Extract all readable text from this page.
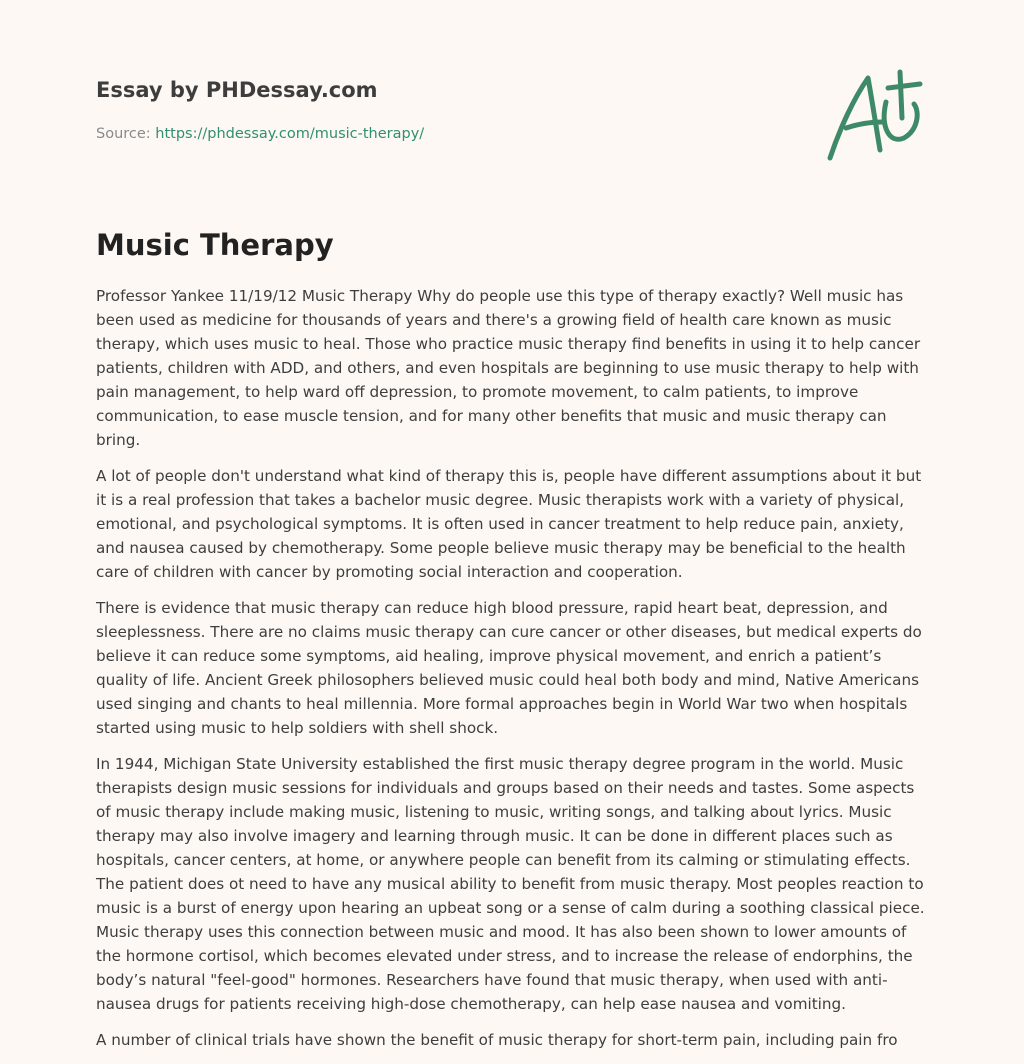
Essay by PHDessay.com
Source: https://phdessay.com/music-therapy/
Music Therapy

Professor Yankee 11/19/12 Music Therapy Why do people use this type of therapy exactly? Well music has been used as medicine for thousands of years and there's a growing field of health care known as music therapy, which uses music to heal. Those who practice music therapy find benefits in using it to help cancer patients, children with ADD, and others, and even hospitals are beginning to use music therapy to help with pain management, to help ward off depression, to promote movement, to calm patients, to improve communication, to ease muscle tension, and for many other benefits that music and music therapy can bring.

A lot of people don't understand what kind of therapy this is, people have different assumptions about it but it is a real profession that takes a bachelor music degree. Music therapists work with a variety of physical, emotional, and psychological symptoms. It is often used in cancer treatment to help reduce pain, anxiety, and nausea caused by chemotherapy. Some people believe music therapy may be beneficial to the health care of children with cancer by promoting social interaction and cooperation.

There is evidence that music therapy can reduce high blood pressure, rapid heart beat, depression, and sleeplessness. There are no claims music therapy can cure cancer or other diseases, but medical experts do believe it can reduce some symptoms, aid healing, improve physical movement, and enrich a patient’s quality of life. Ancient Greek philosophers believed music could heal both body and mind, Native Americans used singing and chants to heal millennia. More formal approaches begin in World War two when hospitals started using music to help soldiers with shell shock.

In 1944, Michigan State University established the first music therapy degree program in the world. Music therapists design music sessions for individuals and groups based on their needs and tastes. Some aspects of music therapy include making music, listening to music, writing songs, and talking about lyrics. Music therapy may also involve imagery and learning through music. It can be done in different places such as hospitals, cancer centers, at home, or anywhere people can benefit from its calming or stimulating effects. The patient does ot need to have any musical ability to benefit from music therapy. Most peoples reaction to music is a burst of energy upon hearing an upbeat song or a sense of calm during a soothing classical piece. Music therapy uses this connection between music and mood. It has also been shown to lower amounts of the hormone cortisol, which becomes elevated under stress, and to increase the release of endorphins, the body’s natural "feel-good" hormones. Researchers have found that music therapy, when used with anti-nausea drugs for patients receiving high-dose chemotherapy, can help ease nausea and vomiting.

A number of clinical trials have shown the benefit of music therapy for short-term pain, including pain fro
